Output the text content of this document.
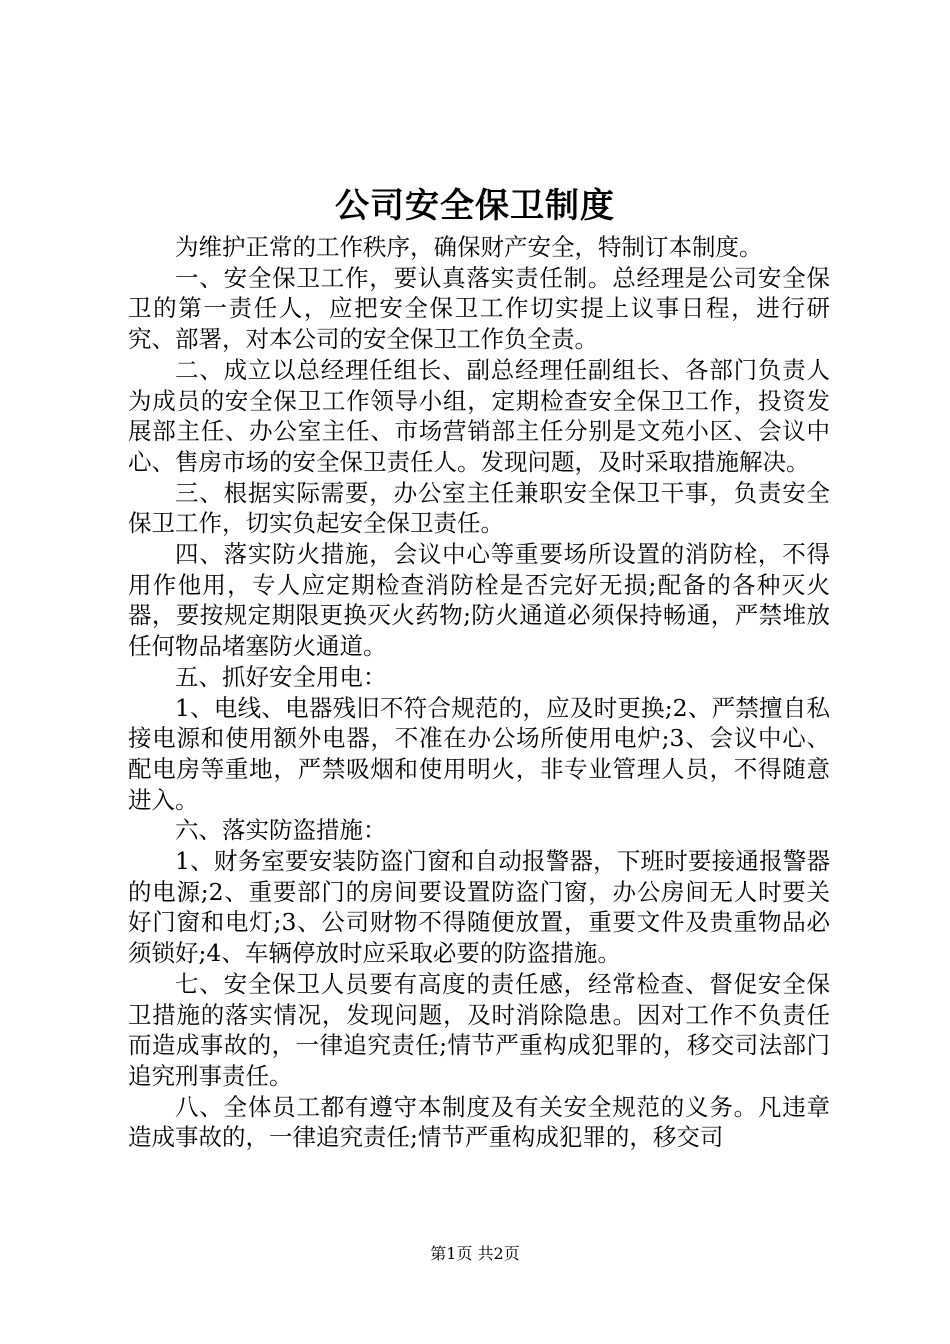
公司安全保卫制度

为维护正常的工作秩序，确保财产安全，特制订本制度。

一、安全保卫工作，要认真落实责任制。总经理是公司安全保卫的第一责任人，应把安全保卫工作切实提上议事日程，进行研究、部署，对本公司的安全保卫工作负全责。

二、成立以总经理任组长、副总经理任副组长、各部门负责人为成员的安全保卫工作领导小组，定期检查安全保卫工作，投资发展部主任、办公室主任、市场营销部主任分别是文苑小区、会议中心、售房市场的安全保卫责任人。发现问题，及时采取措施解决。

三、根据实际需要，办公室主任兼职安全保卫干事，负责安全保卫工作，切实负起安全保卫责任。

四、落实防火措施，会议中心等重要场所设置的消防栓，不得用作他用，专人应定期检查消防栓是否完好无损;配备的各种灭火器，要按规定期限更换灭火药物;防火通道必须保持畅通，严禁堆放任何物品堵塞防火通道。

五、抓好安全用电：

1、电线、电器残旧不符合规范的，应及时更换;2、严禁擅自私接电源和使用额外电器，不准在办公场所使用电炉;3、会议中心、配电房等重地，严禁吸烟和使用明火，非专业管理人员，不得随意进入。

六、落实防盗措施：

1、财务室要安装防盗门窗和自动报警器，下班时要接通报警器的电源;2、重要部门的房间要设置防盗门窗，办公房间无人时要关好门窗和电灯;3、公司财物不得随便放置，重要文件及贵重物品必须锁好;4、车辆停放时应采取必要的防盗措施。

七、安全保卫人员要有高度的责任感，经常检查、督促安全保卫措施的落实情况，发现问题，及时消除隐患。因对工作不负责任而造成事故的，一律追究责任;情节严重构成犯罪的，移交司法部门追究刑事责任。

八、全体员工都有遵守本制度及有关安全规范的义务。凡违章造成事故的，一律追究责任;情节严重构成犯罪的，移交司

第1页 共2页
